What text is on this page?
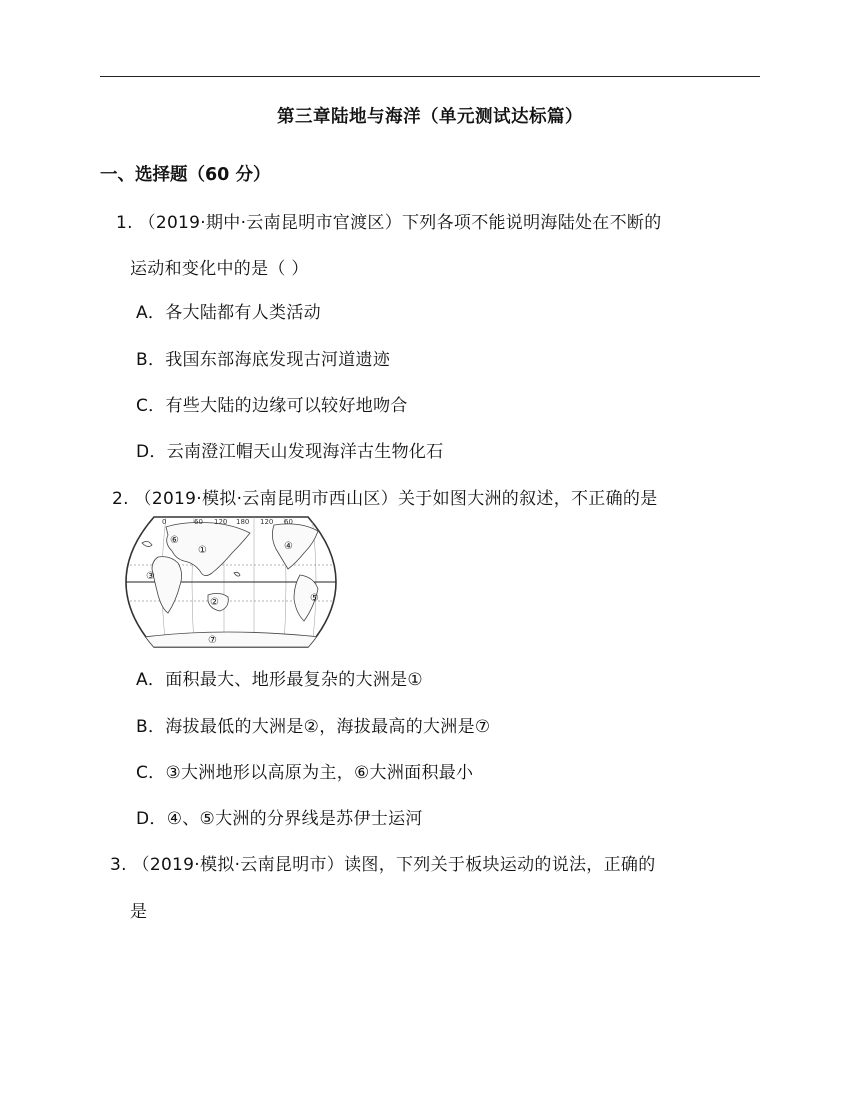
第三章陆地与海洋（单元测试达标篇）
一、选择题（60 分）
1. （2019·期中·云南昆明市官渡区）下列各项不能说明海陆处在不断的
运动和变化中的是（ ）
A．各大陆都有人类活动
B．我国东部海底发现古河道遗迹
C．有些大陆的边缘可以较好地吻合
D．云南澄江帽天山发现海洋古生物化石
2. （2019·模拟·云南昆明市西山区）关于如图大洲的叙述，不正确的是
0	60 120 180 120 60
①
②
③
④
⑤
⑥
⑦
A．面积最大、地形最复杂的大洲是①
B．海拔最低的大洲是②，海拔最高的大洲是⑦
C．③大洲地形以高原为主，⑥大洲面积最小
D．④、⑤大洲的分界线是苏伊士运河
3. （2019·模拟·云南昆明市）读图，下列关于板块运动的说法，正确的
是
